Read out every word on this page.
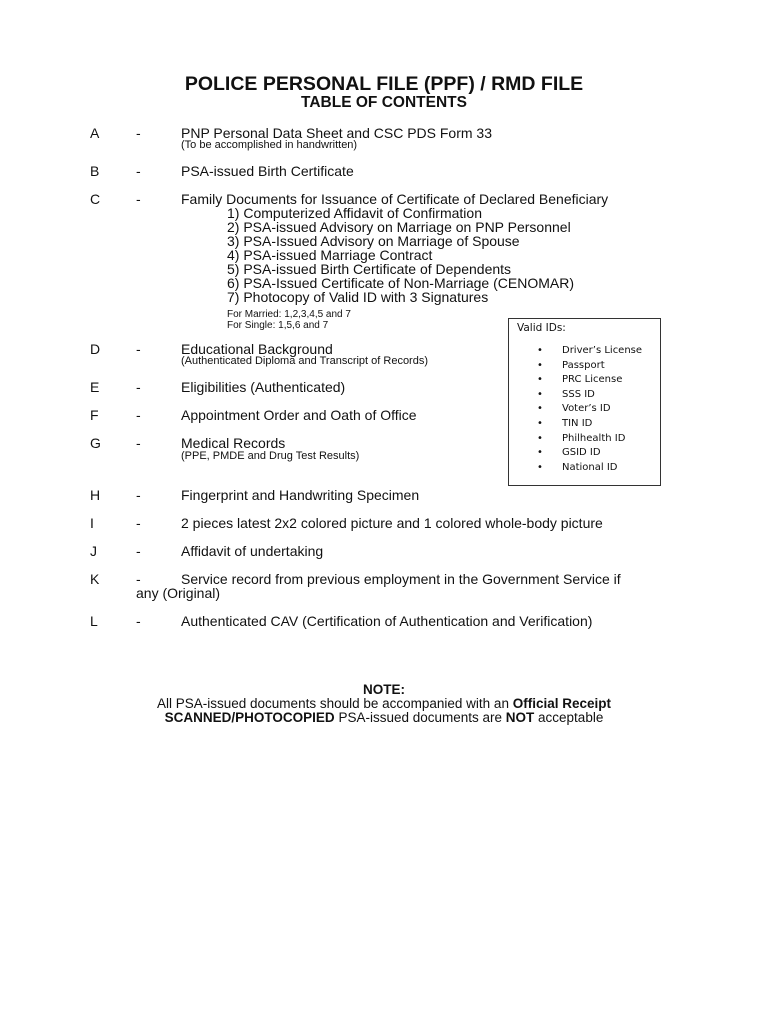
POLICE PERSONAL FILE (PPF) / RMD FILE
TABLE OF CONTENTS
A	-	PNP Personal Data Sheet and CSC PDS Form 33
(To be accomplished in handwritten)
B	-	PSA-issued Birth Certificate
C	-	Family Documents for Issuance of Certificate of Declared Beneficiary
1) Computerized Affidavit of Confirmation
2) PSA-issued Advisory on Marriage on PNP Personnel
3) PSA-Issued Advisory on Marriage of Spouse
4) PSA-issued Marriage Contract
5) PSA-issued Birth Certificate of Dependents
6) PSA-Issued Certificate of Non-Marriage (CENOMAR)
7) Photocopy of Valid ID with 3 Signatures
For Married: 1,2,3,4,5 and 7
For Single: 1,5,6 and 7	Valid IDs:
• Driver’s License
• Passport
• PRC License
• SSS ID
• Voter’s ID
• TIN ID
• Philhealth ID
• GSID ID
• National ID
D	-	Educational Background
(Authenticated Diploma and Transcript of Records)
E	-	Eligibilities (Authenticated)
F	-	Appointment Order and Oath of Office
G	-	Medical Records
(PPE, PMDE and Drug Test Results)
H	-	Fingerprint and Handwriting Specimen
I	-	2 pieces latest 2x2 colored picture and 1 colored whole-body picture
J	-	Affidavit of undertaking
K	-	Service record from previous employment in the Government Service if
any (Original)
L	-	Authenticated CAV (Certification of Authentication and Verification)
NOTE:
All PSA-issued documents should be accompanied with an Official Receipt
SCANNED/PHOTOCOPIED PSA-issued documents are NOT acceptable
